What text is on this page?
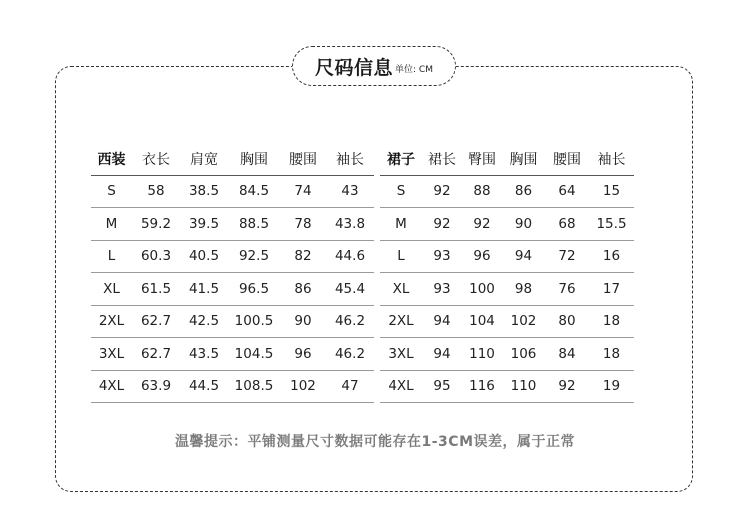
尺码信息 单位: CM
西装	衣长	肩宽	胸围	腰围	袖长
S	58	38.5	84.5	74	43
M	59.2	39.5	88.5	78	43.8
L	60.3	40.5	92.5	82	44.6
XL	61.5	41.5	96.5	86	45.4
2XL	62.7	42.5	100.5	90	46.2
3XL	62.7	43.5	104.5	96	46.2
4XL	63.9	44.5	108.5	102	47
裙子	裙长	臀围	胸围	腰围	袖长
S	92	88	86	64	15
M	92	92	90	68	15.5
L	93	96	94	72	16
XL	93	100	98	76	17
2XL	94	104	102	80	18
3XL	94	110	106	84	18
4XL	95	116	110	92	19
温馨提示：平铺测量尺寸数据可能存在1-3CM误差，属于正常
